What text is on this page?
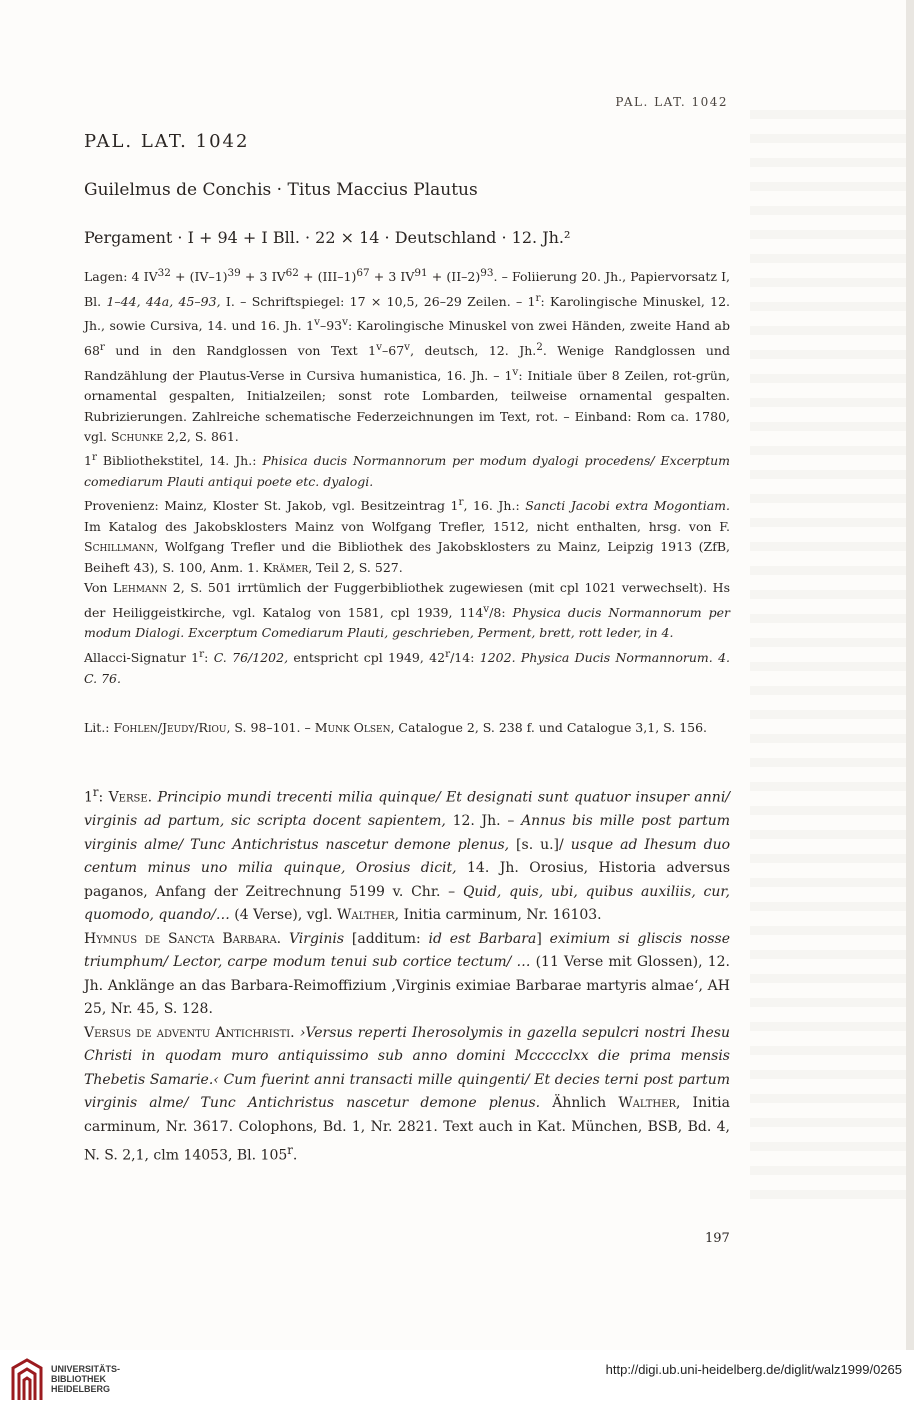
PAL. LAT. 1042
PAL. LAT. 1042
Guilelmus de Conchis · Titus Maccius Plautus
Pergament · I + 94 + I Bll. · 22 × 14 · Deutschland · 12. Jh.²

Lagen: 4 $IV^{32} + (IV-1)^{39} + 3$ $IV^{62} + (III-1)^{67} + 3$ $IV^{91} + (II-2)^{93}$. – Foliierung 20. Jh., Papiervorsatz I, Bl. 1–44, 44a, 45–93, I. – Schriftspiegel: 17 × 10,5, 26–29 Zeilen. – 1$^r$: Karolingische Minuskel, 12. Jh., sowie Cursiva, 14. und 16. Jh. 1$^v$–93$^v$: Karolingische Minuskel von zwei Händen, zweite Hand ab 68$^r$ und in den Randglossen von Text 1$^v$–67$^v$, deutsch, 12. Jh.$^2$. Wenige Randglossen und Randzählung der Plautus-Verse in Cursiva humanistica, 16. Jh. – 1$^v$: Initiale über 8 Zeilen, rot-grün, ornamental gespalten, Initialzeilen; sonst rote Lombarden, teilweise ornamental gespalten. Rubrizierungen. Zahlreiche schematische Federzeichnungen im Text, rot. – Einband: Rom ca. 1780, vgl. Schunke 2,2, S. 861.

1$^r$ Bibliothekstitel, 14. Jh.: Phisica ducis Normannorum per modum dyalogi procedens/ Excerptum comediarum Plauti antiqui poete etc. dyalogi.
Provenienz: Mainz, Kloster St. Jakob, vgl. Besitzeintrag 1$^r$, 16. Jh.: Sancti Jacobi extra Mogontiam. Im Katalog des Jakobsklosters Mainz von Wolfgang Trefler, 1512, nicht enthalten, hrsg. von F. Schillmann, Wolfgang Trefler und die Bibliothek des Jakobsklosters zu Mainz, Leipzig 1913 (ZfB, Beiheft 43), S. 100, Anm. 1. Krämer, Teil 2, S. 527.

Von Lehmann 2, S. 501 irrtümlich der Fuggerbibliothek zugewiesen (mit cpl 1021 verwechselt). Hs der Heiliggeistkirche, vgl. Katalog von 1581, cpl 1939, 114$^v$/8: Physica ducis Normannorum per modum Dialogi. Excerptum Comediarum Plauti, geschrieben, Perment, brett, rott leder, in 4.

Allacci-Signatur 1$^r$: C. 76/1202, entspricht cpl 1949, 42$^r$/14: 1202. Physica Ducis Normannorum. 4. C. 76.

Lit.: Fohlen/Jeudy/Riou, S. 98–101. – Munk Olsen, Catalogue 2, S. 238 f. und Catalogue 3,1, S. 156.

1$^r$: Verse. Principio mundi trecenti milia quinque/ Et designati sunt quatuor insuper anni/ virginis ad partum, sic scripta docent sapientem, 12. Jh. – Annus bis mille post partum virginis alme/ Tunc Antichristus nascetur demone plenus, [s. u.]/ usque ad Ihesum duo centum minus uno milia quinque, Orosius dicit, 14. Jh. Orosius, Historia adversus paganos, Anfang der Zeitrechnung 5199 v. Chr. – Quid, quis, ubi, quibus auxiliis, cur, quomodo, quando/… (4 Verse), vgl. Walther, Initia carminum, Nr. 16103.

Hymnus de Sancta Barbara. Virginis [additum: id est Barbara] eximium si gliscis nosse triumphum/ Lector, carpe modum tenui sub cortice tectum/ … (11 Verse mit Glossen), 12. Jh. Anklänge an das Barbara-Reimoffizium ‚Virginis eximiae Barbarae martyris almae‘, AH 25, Nr. 45, S. 128.

Versus de adventu Antichristi. ›Versus reperti Iherosolymis in gazella sepulcri nostri Ihesu Christi in quodam muro antiquissimo sub anno domini Mccccclxx die prima mensis Thebetis Samarie.‹ Cum fuerint anni transacti mille quingenti/ Et decies terni post partum virginis alme/ Tunc Antichristus nascetur demone plenus. Ähnlich Walther, Initia carminum, Nr. 3617. Colophons, Bd. 1, Nr. 2821. Text auch in Kat. München, BSB, Bd. 4, N. S. 2,1, clm 14053, Bl. 105$^r$.

197
UNIVERSITÄTS-
BIBLIOTHEK
HEIDELBERG
http://digi.ub.uni-heidelberg.de/diglit/walz1999/0265
